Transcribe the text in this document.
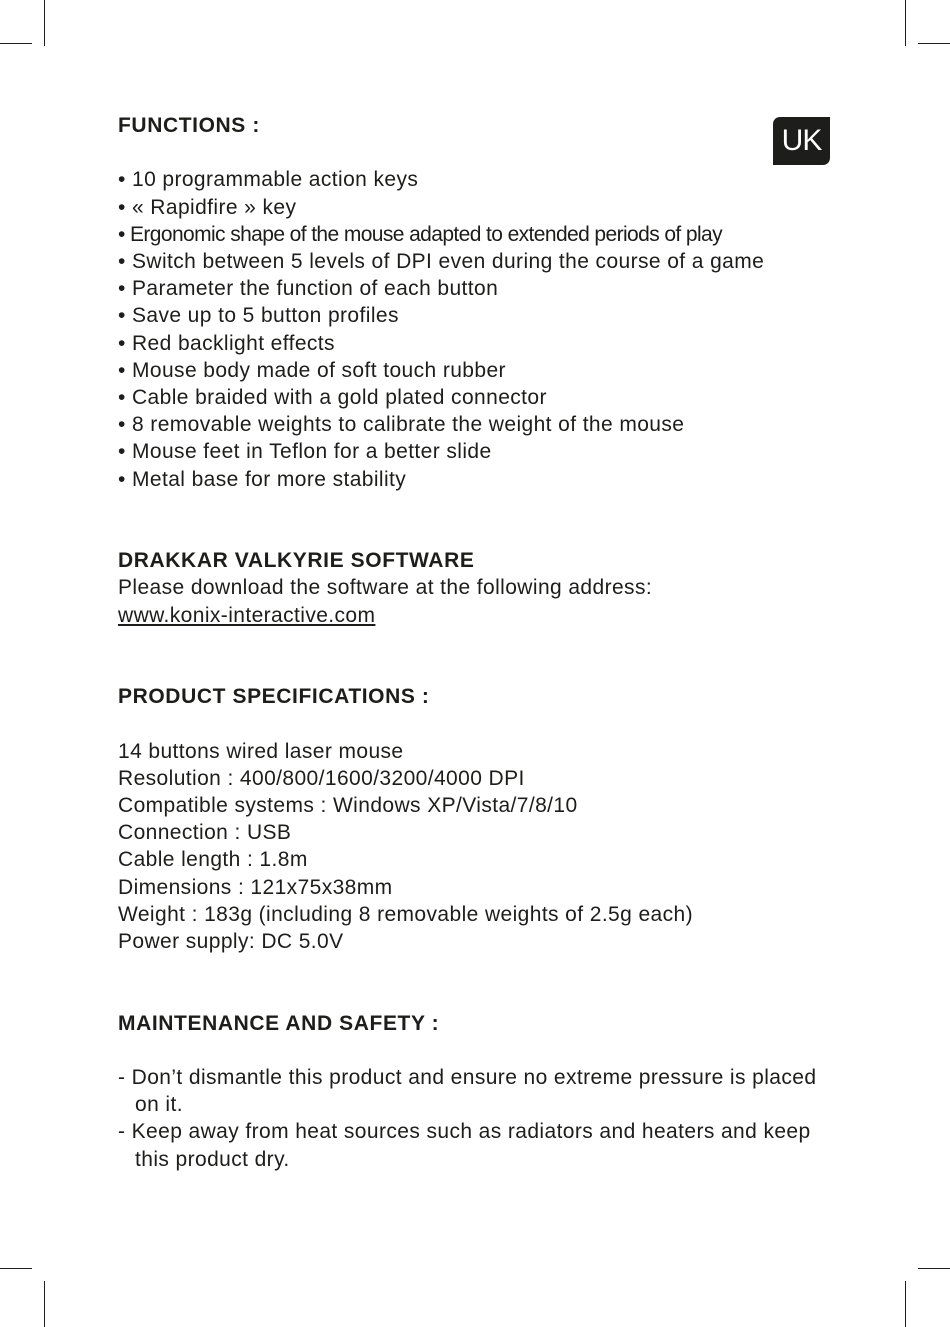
UK
FUNCTIONS :
• 10 programmable action keys
• « Rapidfire » key
• Ergonomic shape of the mouse adapted to extended periods of play
• Switch between 5 levels of DPI even during the course of a game
• Parameter the function of each button
• Save up to 5 button profiles
• Red backlight effects
• Mouse body made of soft touch rubber
• Cable braided with a gold plated connector
• 8 removable weights to calibrate the weight of the mouse
• Mouse feet in Teflon for a better slide
• Metal base for more stability
DRAKKAR VALKYRIE SOFTWARE
Please download the software at the following address:
www.konix-interactive.com
PRODUCT SPECIFICATIONS :
14 buttons wired laser mouse
Resolution : 400/800/1600/3200/4000 DPI
Compatible systems : Windows XP/Vista/7/8/10
Connection : USB
Cable length : 1.8m
Dimensions : 121x75x38mm
Weight : 183g (including 8 removable weights of 2.5g each)
Power supply: DC 5.0V
MAINTENANCE AND SAFETY :
- Don’t dismantle this product and ensure no extreme pressure is placed on it.
- Keep away from heat sources such as radiators and heaters and keep this product dry.
